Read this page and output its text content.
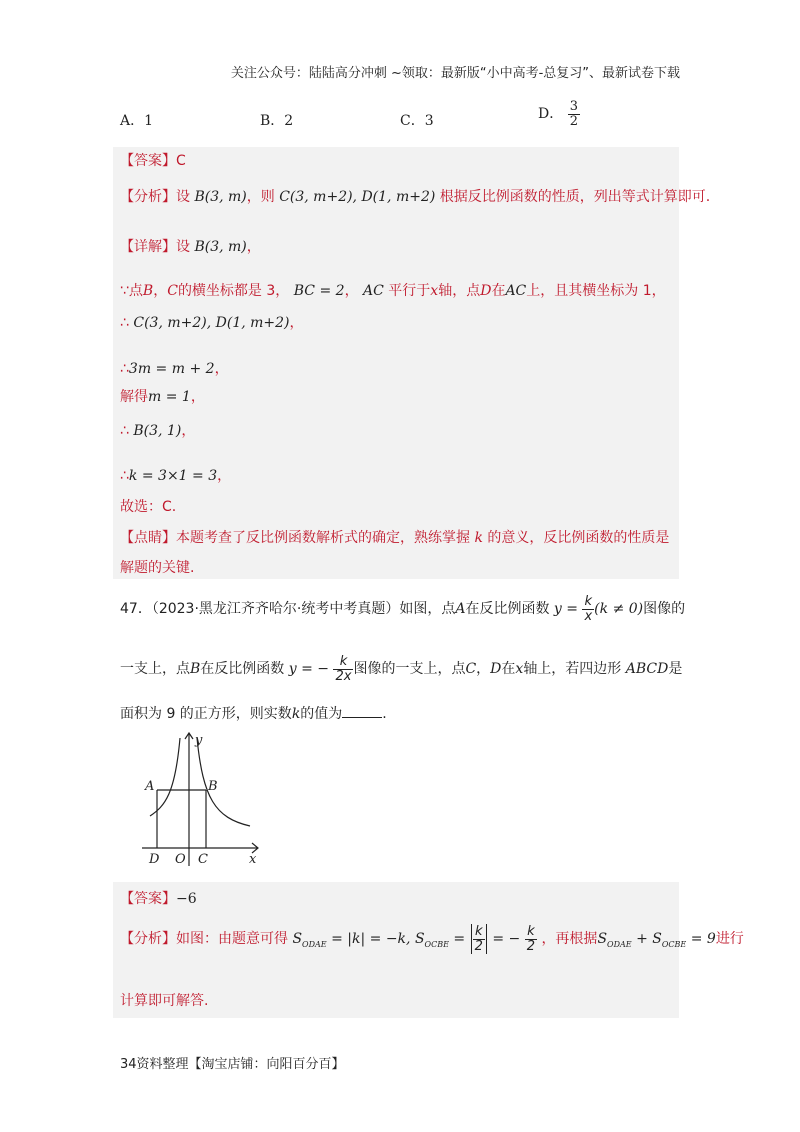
关注公众号：陆陆高分冲刺 ~领取：最新版“小中高考-总复习”、最新试卷下载
A．1	B．2	C．3	D． $\frac{3}{2}$
【答案】C
【分析】设 B(3, m)，则 C(3, m+2), D(1, m+2) 根据反比例函数的性质，列出等式计算即可.
【详解】设 B(3, m)，
∵点B，C的横坐标都是 3， BC = 2， AC 平行于x轴，点D在AC上，且其横坐标为 1，
∴ C(3, m+2), D(1, m+2)，
∴3m = m + 2，
解得m = 1，
∴ B(3, 1)，
∴k = 3×1 = 3，
故选：C.
【点睛】本题考查了反比例函数解析式的确定，熟练掌握 k 的意义，反比例函数的性质是
解题的关键.
47．（2023·黑龙江齐齐哈尔·统考中考真题）如图，点A在反比例函数 $y = \frac{k}{x} (k \ne 0)$图像的
一支上，点B在反比例函数 y = − $\frac{k}{2x}$ 图像的一支上，点C，D在x轴上，若四边形 ABCD是
面积为 9 的正方形，则实数k的值为	.
y
x
A	B
D O C
【答案】−6
【分析】如图：由题意可得 $S_{ODAE} = |k| = -k$, $S_{OCBE} = \frac{k}{2}$ = − $\frac{k}{2}$ ，再根据$S_{ODAE} + S_{OCBE} = 9$进行
计算即可解答.
34资料整理【淘宝店铺：向阳百分百】
